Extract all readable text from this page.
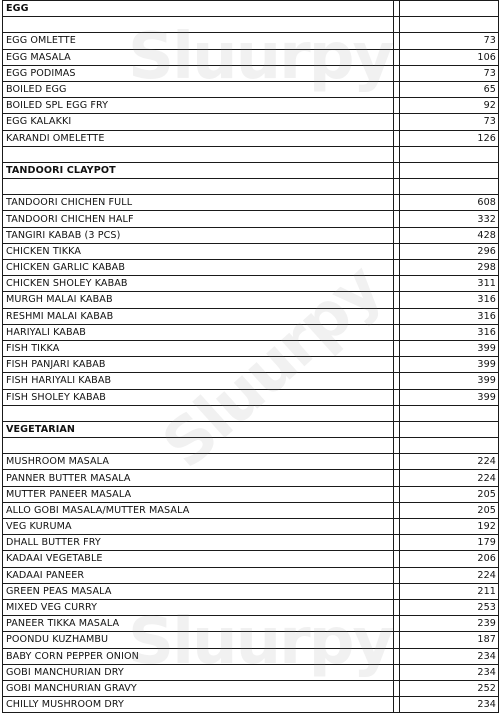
EGG		

EGG OMLETTE		73
EGG MASALA		106
EGG PODIMAS		73
BOILED EGG		65
BOILED SPL EGG FRY		92
EGG KALAKKI		73
KARANDI OMELETTE		126

TANDOORI CLAYPOT		

TANDOORI CHICHEN FULL		608
TANDOORI CHICHEN HALF		332
TANGIRI KABAB (3 PCS)		428
CHICKEN TIKKA		296
CHICKEN GARLIC KABAB		298
CHICKEN SHOLEY KABAB		311
MURGH MALAI KABAB		316
RESHMI MALAI KABAB		316
HARIYALI KABAB		316
FISH TIKKA		399
FISH PANJARI KABAB		399
FISH HARIYALI KABAB		399
FISH SHOLEY KABAB		399

VEGETARIAN		

MUSHROOM MASALA		224
PANNER BUTTER MASALA		224
MUTTER PANEER MASALA		205
ALLO GOBI MASALA/MUTTER MASALA		205
VEG KURUMA		192
DHALL BUTTER FRY		179
KADAAI VEGETABLE		206
KADAAI PANEER		224
GREEN PEAS MASALA		211
MIXED VEG CURRY		253
PANEER TIKKA MASALA		239
POONDU KUZHAMBU		187
BABY CORN PEPPER ONION		234
GOBI MANCHURIAN DRY		234
GOBI MANCHURIAN GRAVY		252
CHILLY MUSHROOM DRY		234
Sluurpy
Sluurpy
Sluurpy
